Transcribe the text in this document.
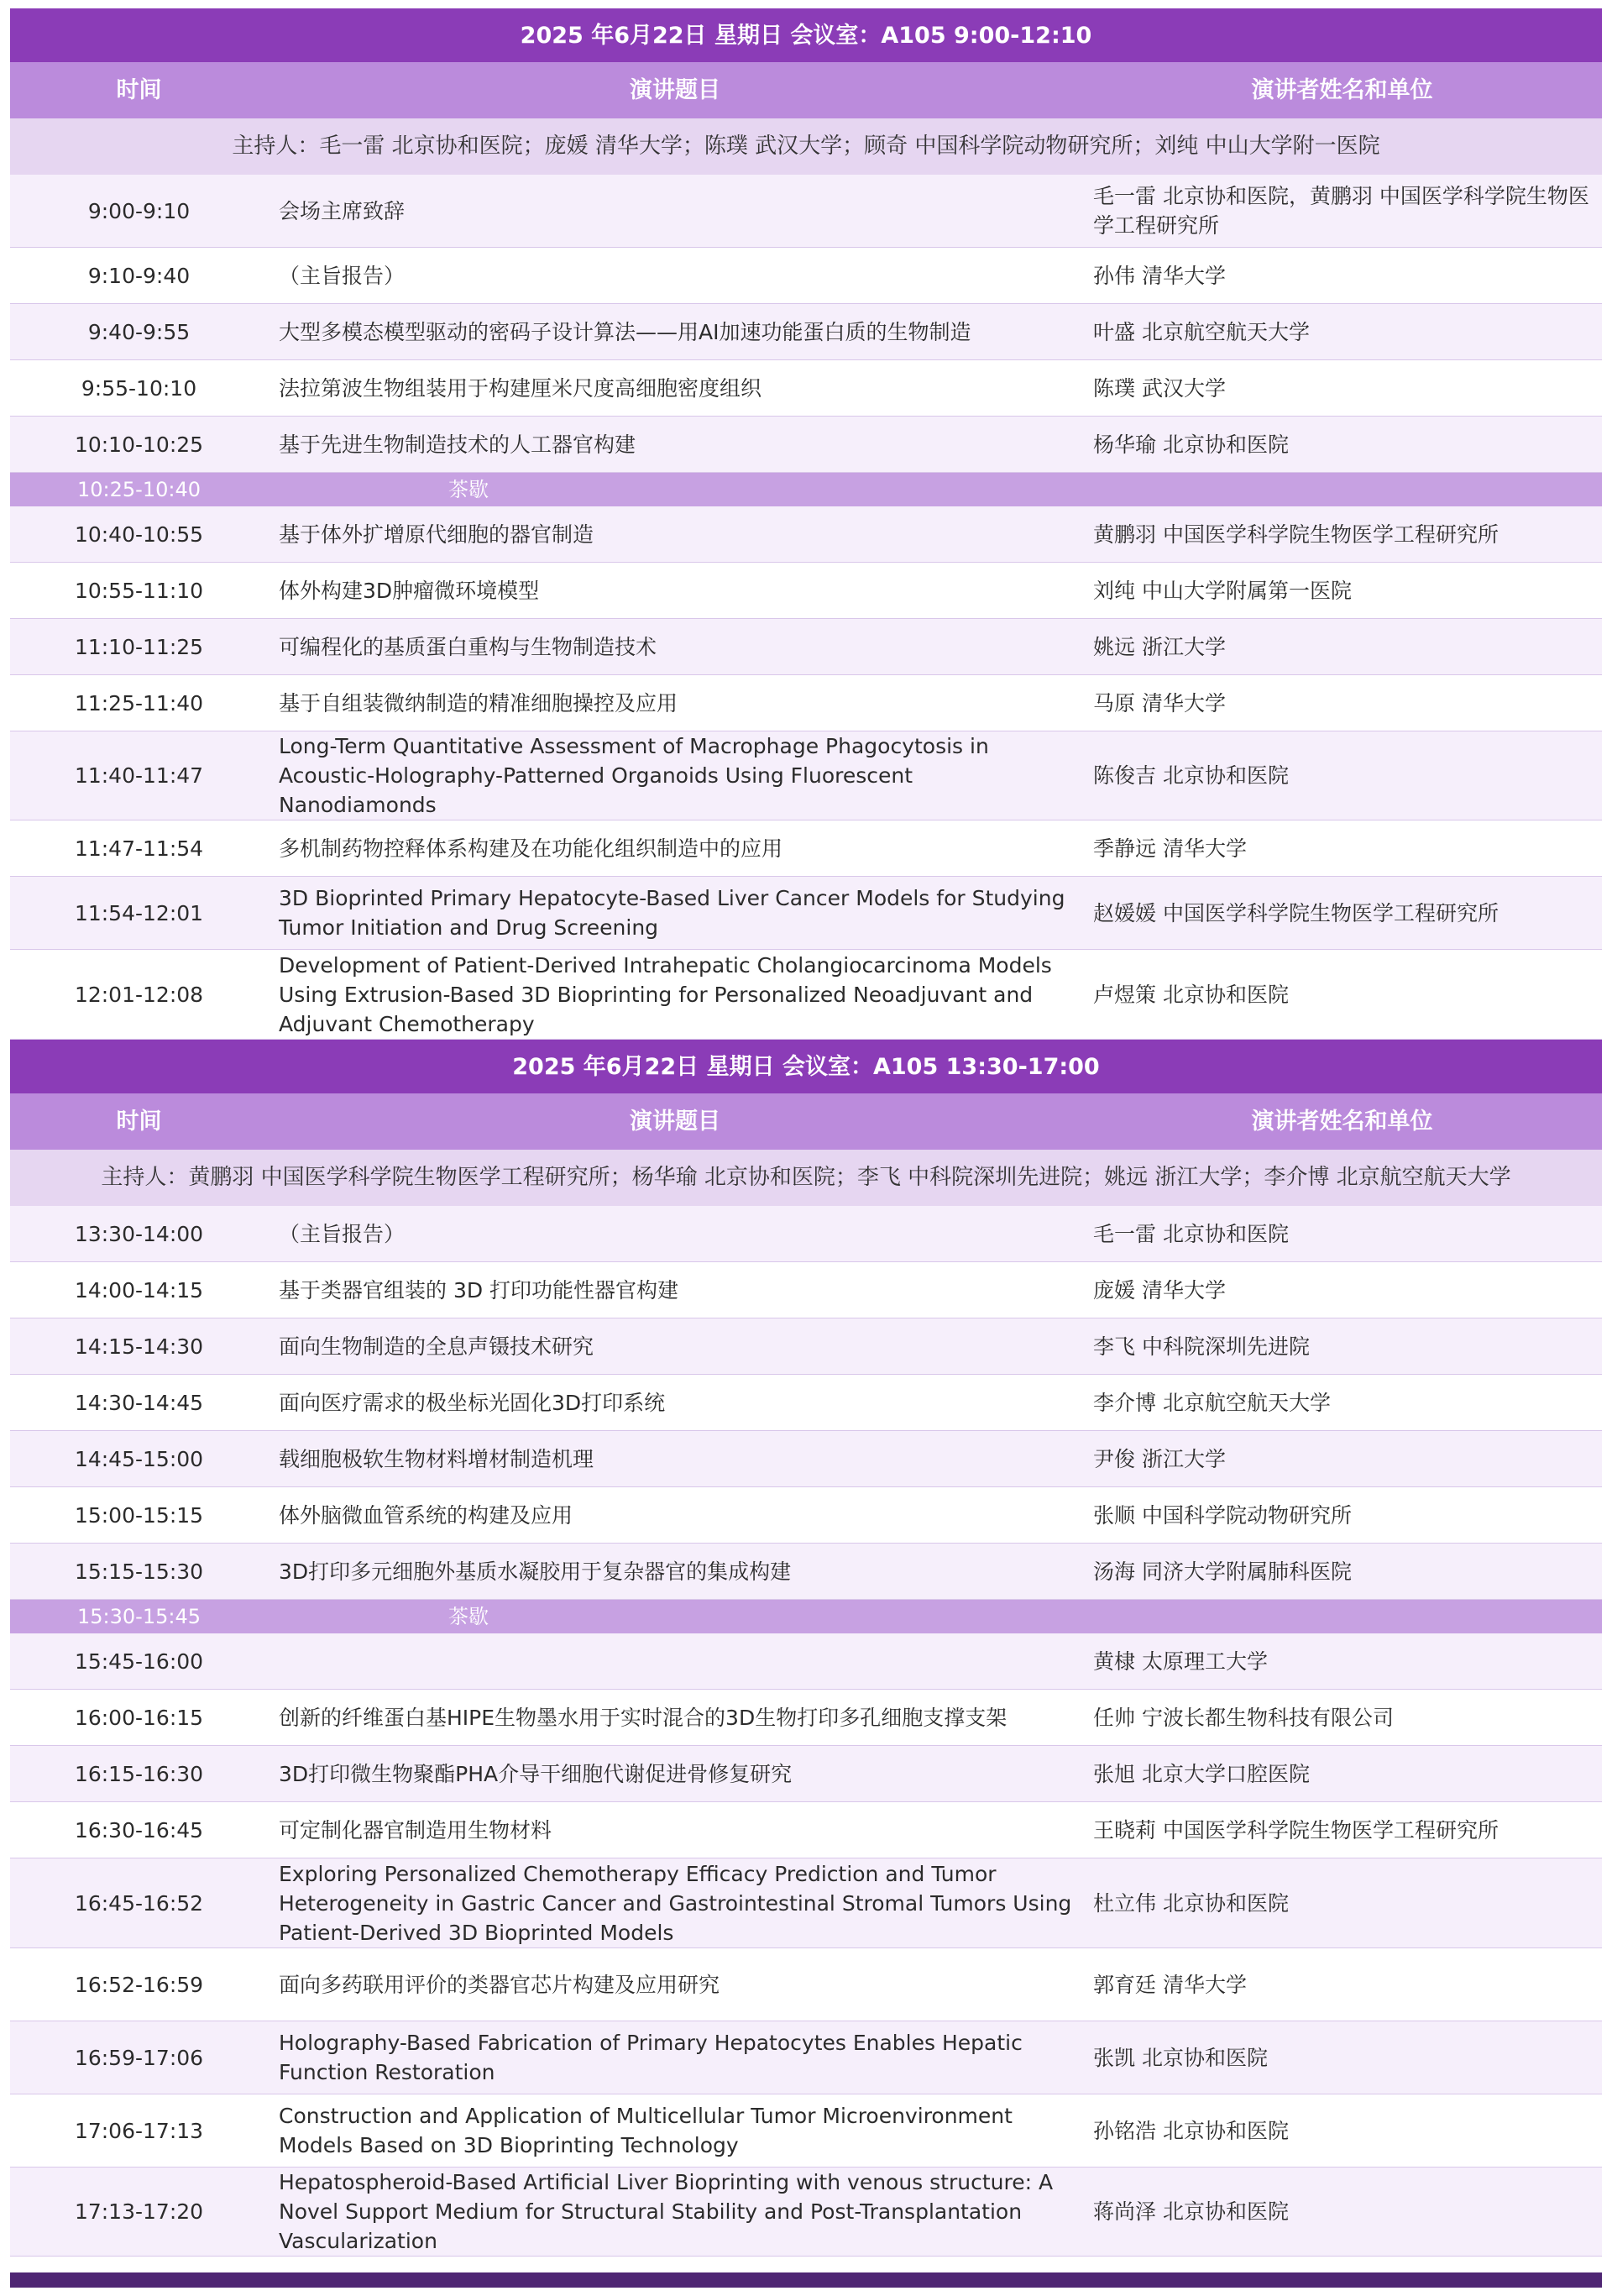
2025 年6月22日 星期日 会议室：A105 9:00-12:10		
时间	演讲题目	演讲者姓名和单位
主持人：毛一雷 北京协和医院；庞媛 清华大学；陈璞 武汉大学；顾奇 中国科学院动物研究所；刘纯 中山大学附一医院		
9:00-9:10	会场主席致辞	毛一雷 北京协和医院，黄鹏羽 中国医学科学院生物医学工程研究所
9:10-9:40	（主旨报告）	孙伟 清华大学
9:40-9:55	大型多模态模型驱动的密码子设计算法——用AI加速功能蛋白质的生物制造	叶盛 北京航空航天大学
9:55-10:10	法拉第波生物组装用于构建厘米尺度高细胞密度组织	陈璞 武汉大学
10:10-10:25	基于先进生物制造技术的人工器官构建	杨华瑜 北京协和医院
10:25-10:40	茶歇	
10:40-10:55	基于体外扩增原代细胞的器官制造	黄鹏羽 中国医学科学院生物医学工程研究所
10:55-11:10	体外构建3D肿瘤微环境模型	刘纯 中山大学附属第一医院
11:10-11:25	可编程化的基质蛋白重构与生物制造技术	姚远 浙江大学
11:25-11:40	基于自组装微纳制造的精准细胞操控及应用	马原 清华大学
11:40-11:47	Long-Term Quantitative Assessment of Macrophage Phagocytosis in Acoustic-Holography-Patterned Organoids Using Fluorescent Nanodiamonds	陈俊吉 北京协和医院
11:47-11:54	多机制药物控释体系构建及在功能化组织制造中的应用	季静远 清华大学
11:54-12:01	3D Bioprinted Primary Hepatocyte-Based Liver Cancer Models for Studying Tumor Initiation and Drug Screening	赵媛媛 中国医学科学院生物医学工程研究所
12:01-12:08	Development of Patient-Derived Intrahepatic Cholangiocarcinoma Models Using Extrusion-Based 3D Bioprinting for Personalized Neoadjuvant and Adjuvant Chemotherapy	卢煜策 北京协和医院
2025 年6月22日 星期日 会议室：A105 13:30-17:00		
时间	演讲题目	演讲者姓名和单位
主持人：黄鹏羽 中国医学科学院生物医学工程研究所；杨华瑜 北京协和医院；李飞 中科院深圳先进院；姚远 浙江大学；李介博 北京航空航天大学		
13:30-14:00	（主旨报告）	毛一雷 北京协和医院
14:00-14:15	基于类器官组装的 3D 打印功能性器官构建	庞媛 清华大学
14:15-14:30	面向生物制造的全息声镊技术研究	李飞 中科院深圳先进院
14:30-14:45	面向医疗需求的极坐标光固化3D打印系统	李介博 北京航空航天大学
14:45-15:00	载细胞极软生物材料增材制造机理	尹俊 浙江大学
15:00-15:15	体外脑微血管系统的构建及应用	张顺 中国科学院动物研究所
15:15-15:30	3D打印多元细胞外基质水凝胶用于复杂器官的集成构建	汤海 同济大学附属肺科医院
15:30-15:45	茶歇	
15:45-16:00		黄棣 太原理工大学
16:00-16:15	创新的纤维蛋白基HIPE生物墨水用于实时混合的3D生物打印多孔细胞支撑支架	任帅 宁波长都生物科技有限公司
16:15-16:30	3D打印微生物聚酯PHA介导干细胞代谢促进骨修复研究	张旭 北京大学口腔医院
16:30-16:45	可定制化器官制造用生物材料	王晓莉 中国医学科学院生物医学工程研究所
16:45-16:52	Exploring Personalized Chemotherapy Efficacy Prediction and Tumor Heterogeneity in Gastric Cancer and Gastrointestinal Stromal Tumors Using Patient-Derived 3D Bioprinted Models	杜立伟 北京协和医院
16:52-16:59	面向多药联用评价的类器官芯片构建及应用研究	郭育廷 清华大学
16:59-17:06	Holography-Based Fabrication of Primary Hepatocytes Enables Hepatic Function Restoration	张凯 北京协和医院
17:06-17:13	Construction and Application of Multicellular Tumor Microenvironment Models Based on 3D Bioprinting Technology	孙铭浩 北京协和医院
17:13-17:20	Hepatospheroid-Based Artificial Liver Bioprinting with venous structure: A Novel Support Medium for Structural Stability and Post-Transplantation Vascularization	蒋尚泽 北京协和医院
